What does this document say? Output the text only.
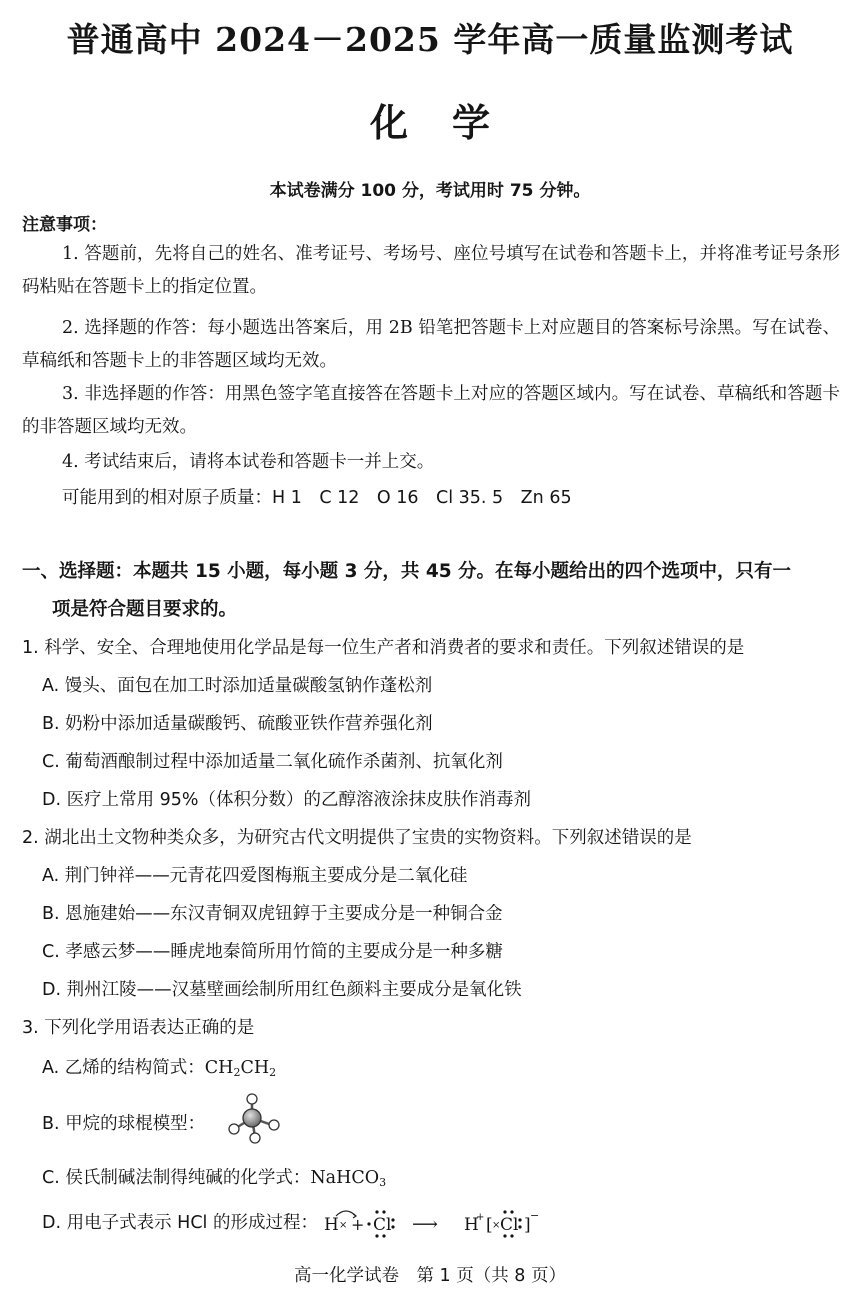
普通高中 2024－2025 学年高一质量监测考试
化学
本试卷满分 100 分，考试用时 75 分钟。
注意事项：
1. 答题前，先将自己的姓名、准考证号、考场号、座位号填写在试卷和答题卡上，并将准考证号条形码粘贴在答题卡上的指定位置。
2. 选择题的作答：每小题选出答案后，用 2B 铅笔把答题卡上对应题目的答案标号涂黑。写在试卷、草稿纸和答题卡上的非答题区域均无效。
3. 非选择题的作答：用黑色签字笔直接答在答题卡上对应的答题区域内。写在试卷、草稿纸和答题卡的非答题区域均无效。
4. 考试结束后，请将本试卷和答题卡一并上交。
可能用到的相对原子质量：H 1　C 12　O 16　Cl 35. 5　Zn 65
一、选择题：本题共 15 小题，每小题 3 分，共 45 分。在每小题给出的四个选项中，只有一
项是符合题目要求的。
1. 科学、安全、合理地使用化学品是每一位生产者和消费者的要求和责任。下列叙述错误的是
A. 馒头、面包在加工时添加适量碳酸氢钠作蓬松剂
B. 奶粉中添加适量碳酸钙、硫酸亚铁作营养强化剂
C. 葡萄酒酿制过程中添加适量二氧化硫作杀菌剂、抗氧化剂
D. 医疗上常用 95%（体积分数）的乙醇溶液涂抹皮肤作消毒剂
2. 湖北出土文物种类众多，为研究古代文明提供了宝贵的实物资料。下列叙述错误的是
A. 荆门钟祥——元青花四爱图梅瓶主要成分是二氧化硅
B. 恩施建始——东汉青铜双虎钮錞于主要成分是一种铜合金
C. 孝感云梦——睡虎地秦简所用竹简的主要成分是一种多糖
D. 荆州江陵——汉墓壁画绘制所用红色颜料主要成分是氧化铁
3. 下列化学用语表达正确的是
A. 乙烯的结构简式：$CH_2CH_2$
B. 甲烷的球棍模型：
C. 侯氏制碱法制得纯碱的化学式：NaHCO$_3$
D. 用电子式表示 HCl 的形成过程： H × + Cl ⟶ H
+ [ × Cl ] −
高一化学试卷　第 1 页（共 8 页）
